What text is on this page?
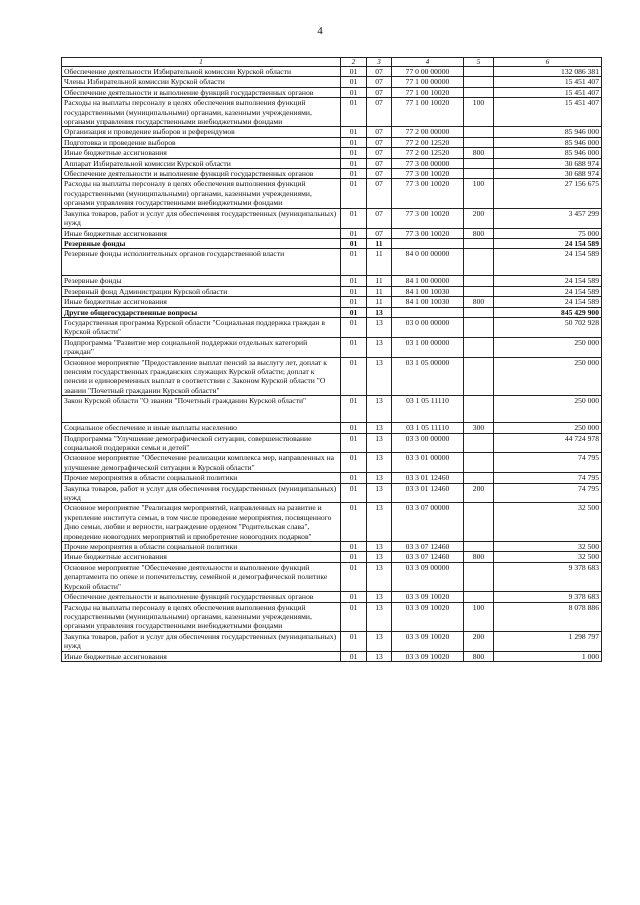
4
1	2	3	4	5	6
Обеспечение деятельности Избирательной комиссии Курской области	01	07	77 0 00 00000		132 086 381
Члены Избирательной комиссии Курской области	01	07	77 1 00 00000		15 451 407
Обеспечение деятельности и выполнение функций государственных органов	01	07	77 1 00 10020		15 451 407
Расходы на выплаты персоналу в целях обеспечения выполнения функций государственными (муниципальными) органами, казенными учреждениями, органами управления государственными внебюджетными фондами	01	07	77 1 00 10020	100	15 451 407
Организация и проведение выборов и референдумов	01	07	77 2 00 00000		85 946 000
Подготовка и проведение выборов	01	07	77 2 00 12520		85 946 000
Иные бюджетные ассигнования	01	07	77 2 00 12520	800	85 946 000
Аппарат Избирательной комиссии Курской области	01	07	77 3 00 00000		30 688 974
Обеспечение деятельности и выполнение функций государственных органов	01	07	77 3 00 10020		30 688 974
Расходы на выплаты персоналу в целях обеспечения выполнения функций государственными (муниципальными) органами, казенными учреждениями, органами управления государственными внебюджетными фондами	01	07	77 3 00 10020	100	27 156 675
Закупка товаров, работ и услуг для обеспечения государственных (муниципальных) нужд	01	07	77 3 00 10020	200	3 457 299
Иные бюджетные ассигнования	01	07	77 3 00 10020	800	75 000
Резервные фонды	01	11			24 154 589
Резервные фонды исполнительных органов государственной власти	01	11	84 0 00 00000		24 154 589
Резервные фонды	01	11	84 1 00 00000		24 154 589
Резервный фонд Администрации Курской области	01	11	84 1 00 10030		24 154 589
Иные бюджетные ассигнования	01	11	84 1 00 10030	800	24 154 589
Другие общегосударственные вопросы	01	13			845 429 900
Государственная программа Курской области "Социальная поддержка граждан в Курской области"	01	13	03 0 00 00000		50 702 928
Подпрограмма "Развитие мер социальной поддержки отдельных категорий граждан"	01	13	03 1 00 00000		250 000
Основное мероприятие "Предоставление выплат пенсий за выслугу лет, доплат к пенсиям государственных гражданских служащих Курской области; доплат к пенсии и единовременных выплат в соответствии с Законом Курской области "О звании "Почетный гражданин Курской области"	01	13	03 1 05 00000		250 000
Закон Курской области "О звании "Почетный гражданин Курской области"	01	13	03 1 05 11110		250 000
Социальное обеспечение и иные выплаты населению	01	13	03 1 05 11110	300	250 000
Подпрограмма "Улучшение демографической ситуации, совершенствование социальной поддержки семьи и детей"	01	13	03 3 00 00000		44 724 978
Основное мероприятие "Обеспечение реализации комплекса мер, направленных на улучшение демографической ситуации в Курской области"	01	13	03 3 01 00000		74 795
Прочие мероприятия в области социальной политики	01	13	03 3 01 12460		74 795
Закупка товаров, работ и услуг для обеспечения государственных (муниципальных) нужд	01	13	03 3 01 12460	200	74 795
Основное мероприятие "Реализация мероприятий, направленных на развитие и укрепление института семьи, в том числе проведение мероприятия, посвященного Дню семьи, любви и верности, награждение орденом "Родительская слава", проведение новогодних мероприятий и приобретение новогодних подарков"	01	13	03 3 07 00000		32 500
Прочие мероприятия в области социальной политики	01	13	03 3 07 12460		32 500
Иные бюджетные ассигнования	01	13	03 3 07 12460	800	32 500
Основное мероприятие "Обеспечение деятельности и выполнение функций департамента по опеке и попечительству, семейной и демографической политике Курской области"	01	13	03 3 09 00000		9 378 683
Обеспечение деятельности и выполнение функций государственных органов	01	13	03 3 09 10020		9 378 683
Расходы на выплаты персоналу в целях обеспечения выполнения функций государственными (муниципальными) органами, казенными учреждениями, органами управления государственными внебюджетными фондами	01	13	03 3 09 10020	100	8 078 886
Закупка товаров, работ и услуг для обеспечения государственных (муниципальных) нужд	01	13	03 3 09 10020	200	1 298 797
Иные бюджетные ассигнования	01	13	03 3 09 10020	800	1 000
